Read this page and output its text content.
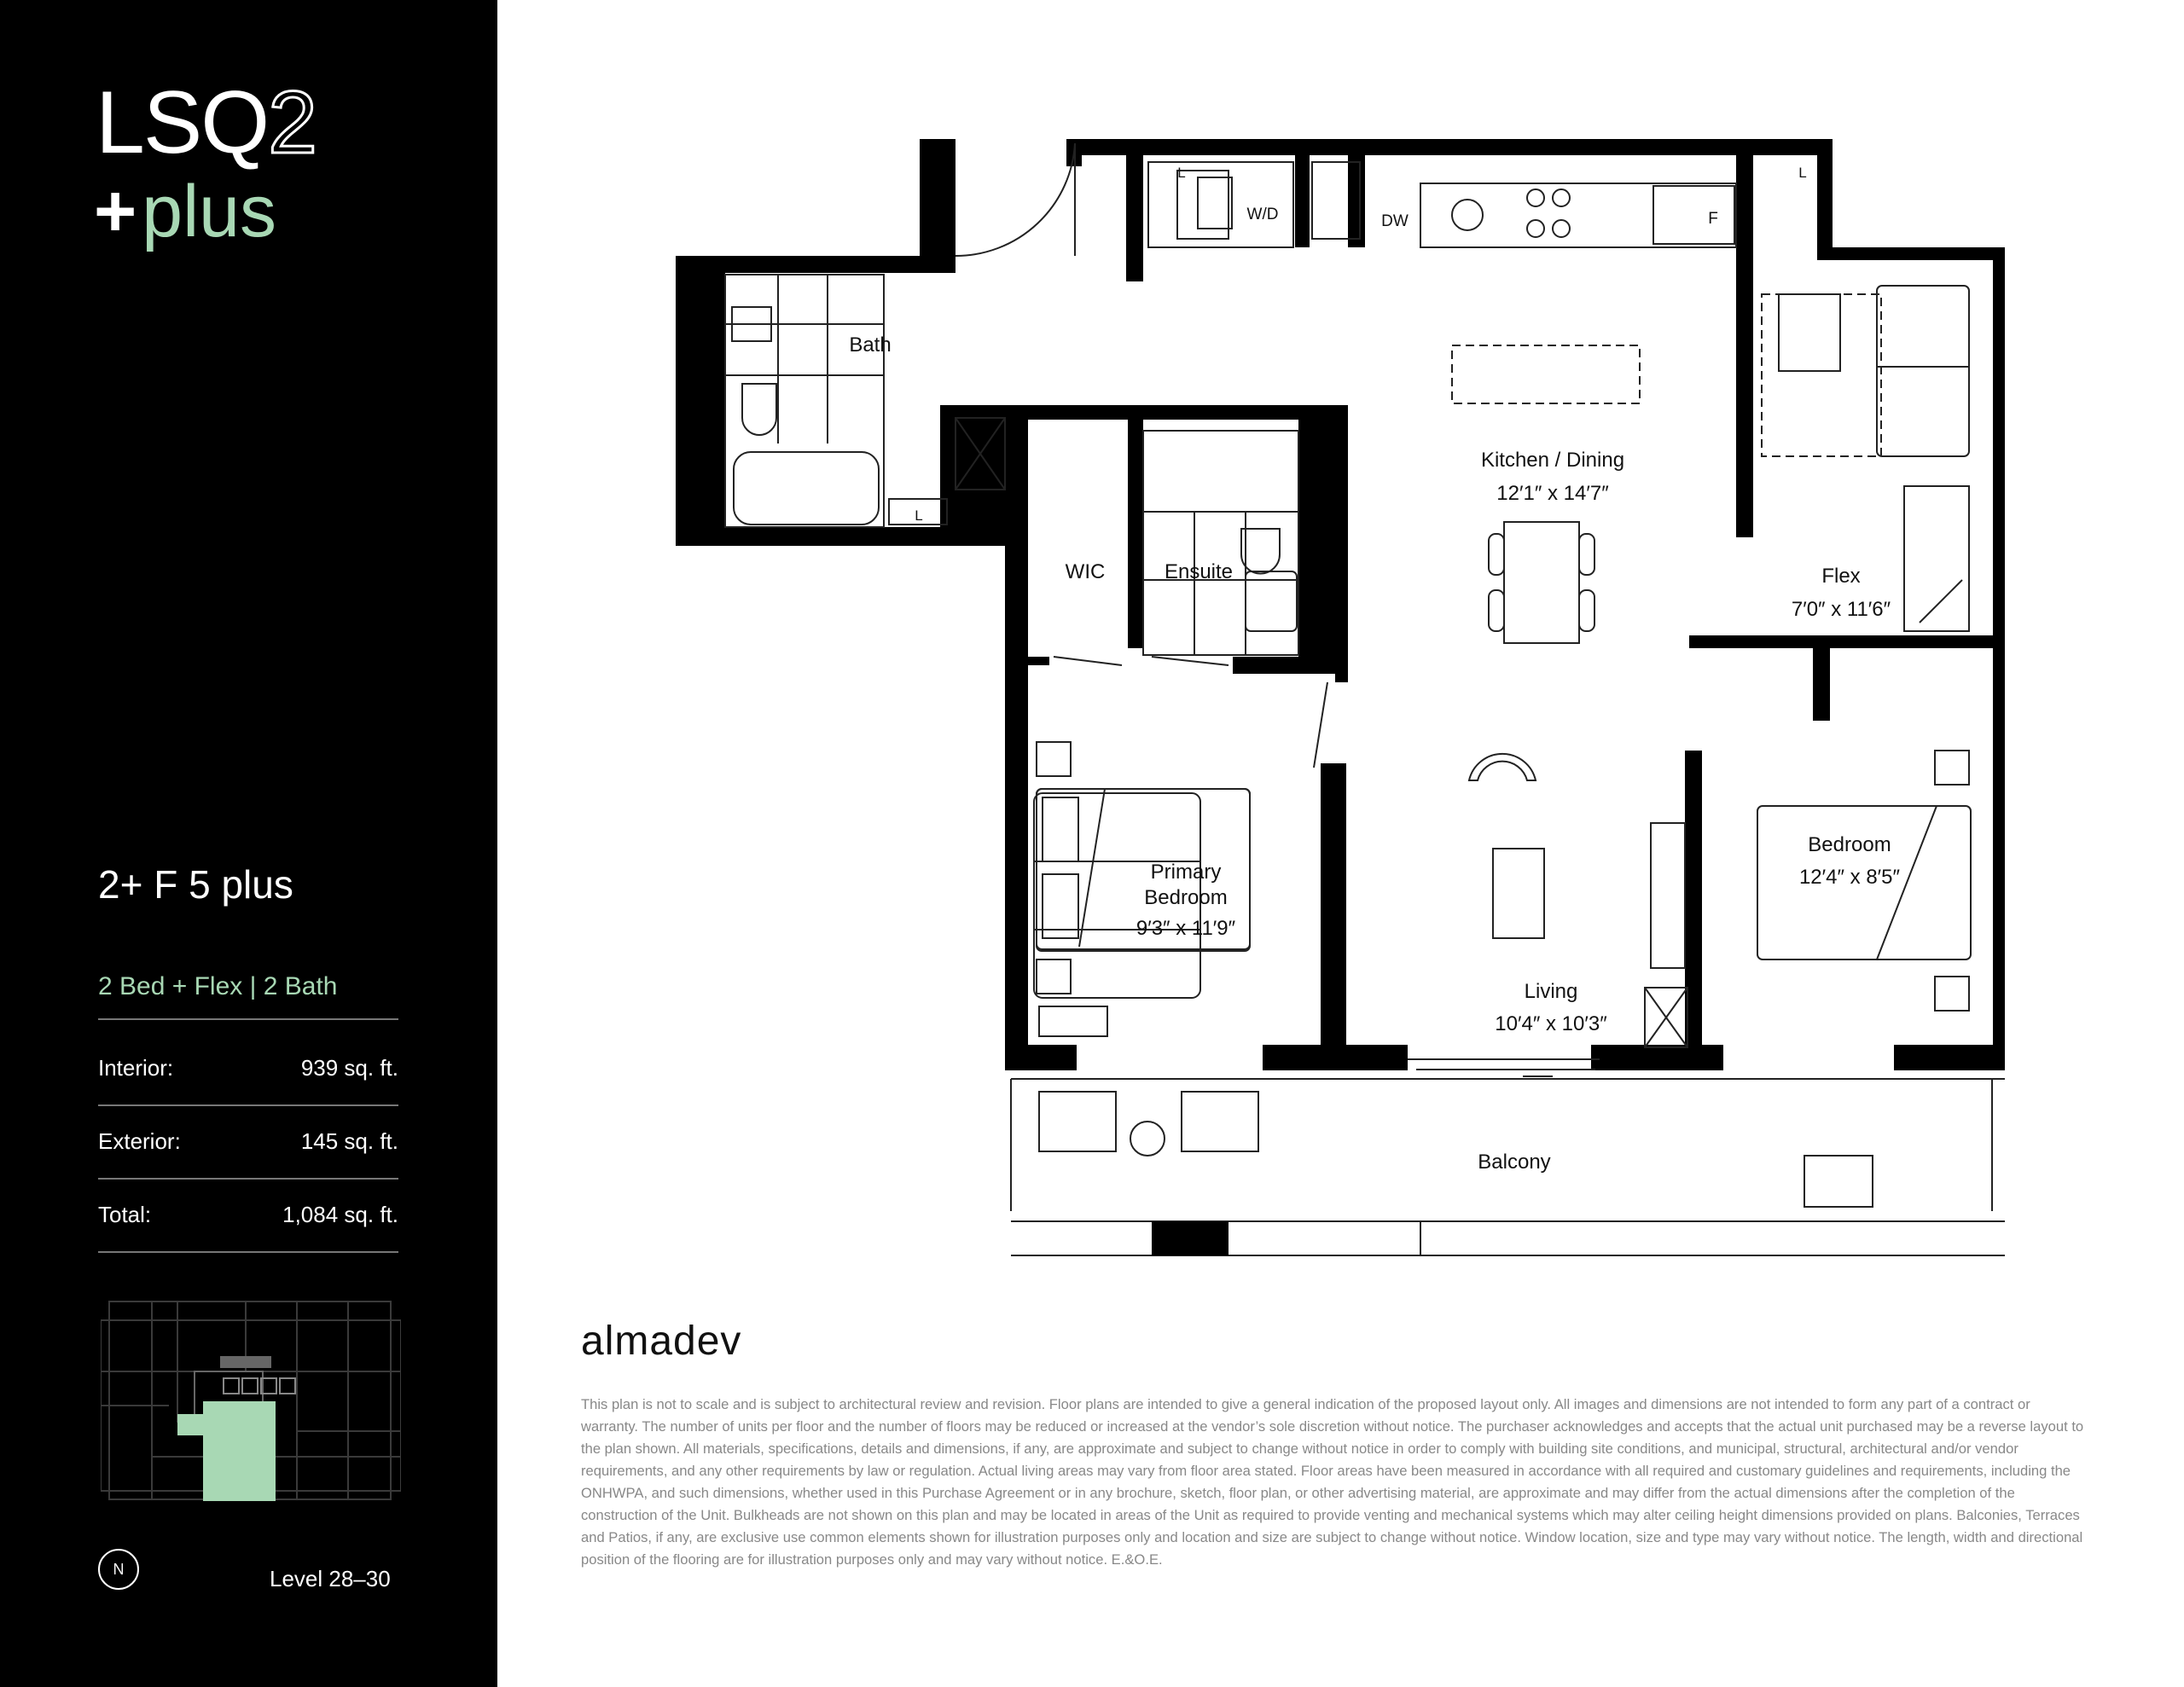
LSQ2
+plus
2+ F 5 plus
2 Bed + Flex | 2 Bath
Interior:	939 sq. ft.
Exterior:	145 sq. ft.
Total:	1,084 sq. ft.
N	Level 28–30
Bath
WIC	Ensuite
Kitchen / Dining
12′1″ x 14′7″
Flex
7′0″ x 11′6″
Primary
Bedroom
9′3″ x 11′9″
Living
10′4″ x 10′3″
Bedroom
12′4″ x 8′5″
Balcony
W/D	DW	F
L	L
L
almadev
This plan is not to scale and is subject to architectural review and revision. Floor plans are intended to give a general indication of the proposed layout only. All images and dimensions are not intended to form any part of a contract or warranty. The number of units per floor and the number of floors may be reduced or increased at the vendor’s sole discretion without notice. The purchaser acknowledges and accepts that the actual unit purchased may be a reverse layout to the plan shown. All materials, specifications, details and dimensions, if any, are approximate and subject to change without notice in order to comply with building site conditions, and municipal, structural, architectural and/or vendor requirements, and any other requirements by law or regulation. Actual living areas may vary from floor area stated. Floor areas have been measured in accordance with all required and customary guidelines and requirements, including the ONHWPA, and such dimensions, whether used in this Purchase Agreement or in any brochure, sketch, floor plan, or other advertising material, are approximate and may differ from the actual dimensions after the completion of the construction of the Unit. Bulkheads are not shown on this plan and may be located in areas of the Unit as required to provide venting and mechanical systems which may alter ceiling height dimensions provided on plans. Balconies, Terraces and Patios, if any, are exclusive use common elements shown for illustration purposes only and location and size are subject to change without notice. Window location, size and type may vary without notice. The length, width and directional position of the flooring are for illustration purposes only and may vary without notice. E.&O.E.
